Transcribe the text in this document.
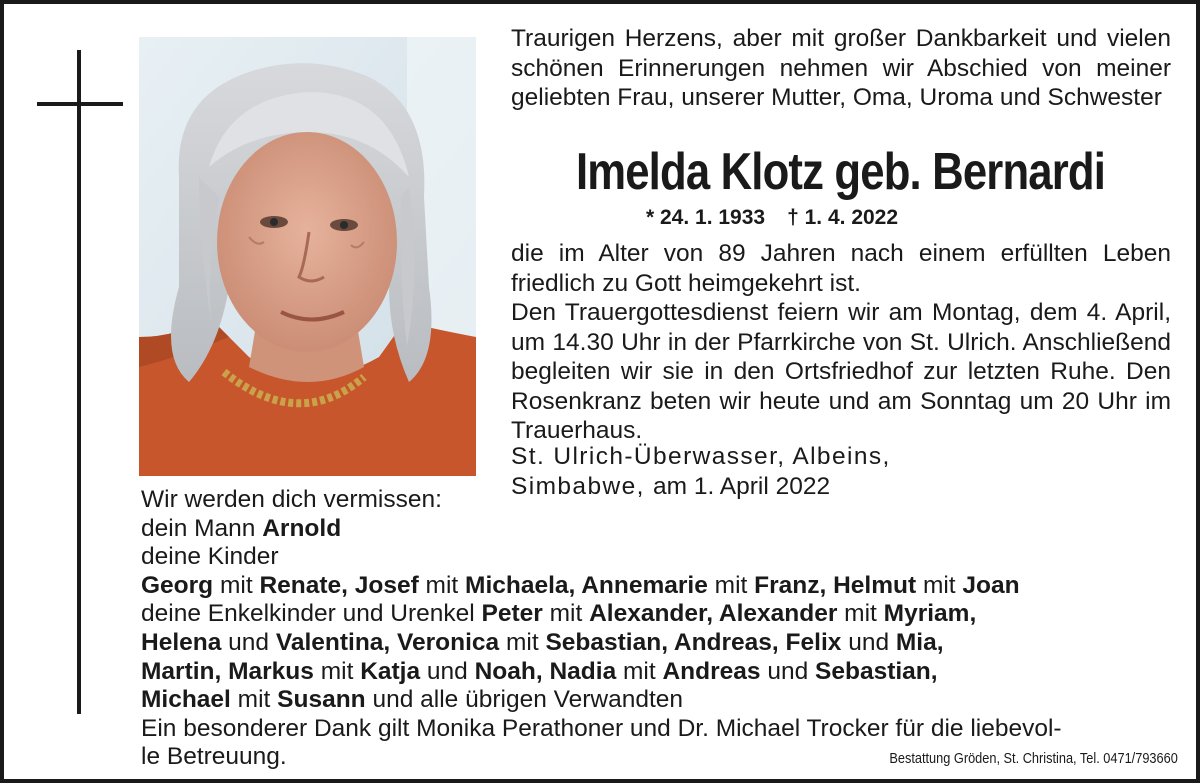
Traurigen Herzens, aber mit großer Dankbarkeit und vielen schönen Erinnerungen nehmen wir Abschied von meiner geliebten Frau, unserer Mutter, Oma, Uroma und Schwester
Imelda Klotz geb. Bernardi
* 24. 1. 1933 † 1. 4. 2022
die im Alter von 89 Jahren nach einem erfüllten Leben friedlich zu Gott heimgekehrt ist.
Den Trauergottesdienst feiern wir am Montag, dem 4. April, um 14.30 Uhr in der Pfarrkirche von St. Ulrich. Anschließend begleiten wir sie in den Ortsfriedhof zur letzten Ruhe. Den Rosenkranz beten wir heute und am Sonntag um 20 Uhr im Trauerhaus.
St. Ulrich-Überwasser, Albeins,
Simbabwe, am 1. April 2022
Wir werden dich vermissen:
dein Mann Arnold
deine Kinder
Georg mit Renate, Josef mit Michaela, Annemarie mit Franz, Helmut mit Joan
deine Enkelkinder und Urenkel Peter mit Alexander, Alexander mit Myriam,
Helena und Valentina, Veronica mit Sebastian, Andreas, Felix und Mia,
Martin, Markus mit Katja und Noah, Nadia mit Andreas und Sebastian,
Michael mit Susann und alle übrigen Verwandten
Ein besonderer Dank gilt Monika Perathoner und Dr. Michael Trocker für die liebevol-
le Betreuung.	Bestattung Gröden, St. Christina, Tel. 0471/793660
